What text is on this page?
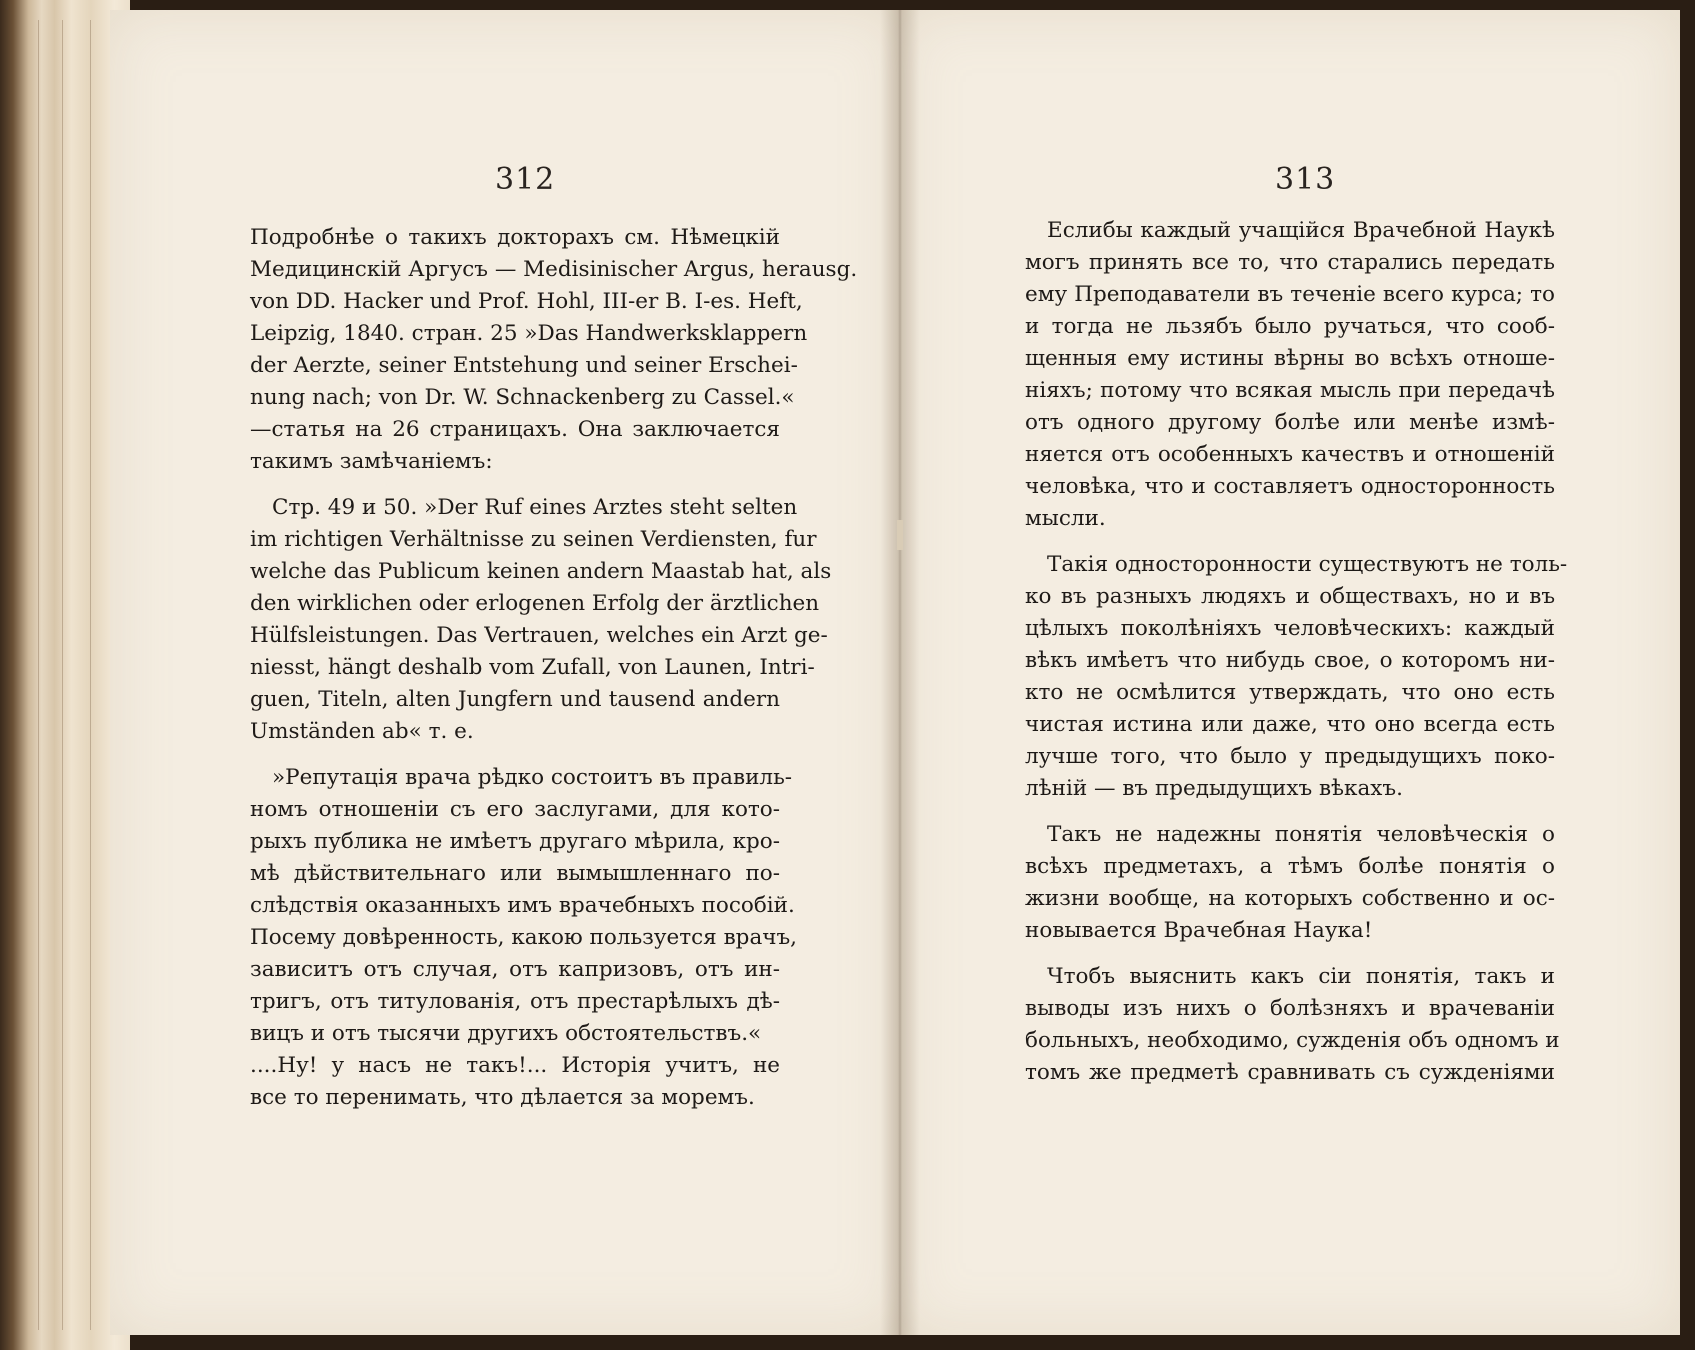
312
Подробнѣе о такихъ докторахъ см. Нѣмецкій
Медицинскій Аргусъ — Medisinischer Argus, herausg.
von DD. Hacker und Prof. Hohl, III-er B. I-es. Heft,
Leipzig, 1840. стран. 25 »Das Handwerksklappern
der Aerzte, seiner Entstehung und seiner Erschei-
nung nach; von Dr. W. Schnackenberg zu Cassel.«
—статья на 26 страницахъ. Она заключается
такимъ замѣчаніемъ:
Стр. 49 и 50. »Der Ruf eines Arztes steht selten
im richtigen Verhältnisse zu seinen Verdiensten, fur
welche das Publicum keinen andern Maastab hat, als
den wirklichen oder erlogenen Erfolg der ärztlichen
Hülfsleistungen. Das Vertrauen, welches ein Arzt ge-
niesst, hängt deshalb vom Zufall, von Launen, Intri-
guen, Titeln, alten Jungfern und tausend andern
Umständen ab« т. е.
»Репутація врача рѣдко состоитъ въ правиль-
номъ отношеніи съ его заслугами, для кото-
рыхъ публика не имѣетъ другаго мѣрила, кро-
мѣ дѣйствительнаго или вымышленнаго по-
слѣдствія оказанныхъ имъ врачебныхъ пособій.
Посему довѣренность, какою пользуется врачъ,
зависитъ отъ случая, отъ капризовъ, отъ ин-
тригъ, отъ титулованія, отъ престарѣлыхъ дѣ-
вицъ и отъ тысячи другихъ обстоятельствъ.«
....Ну! у насъ не такъ!... Исторія учитъ, не
все то перенимать, что дѣлается за моремъ.
313
Еслибы каждый учащійся Врачебной Наукѣ
могъ принять все то, что старались передать
ему Преподаватели въ теченіе всего курса; то
и тогда не льзябъ было ручаться, что сооб-
щенныя ему истины вѣрны во всѣхъ отноше-
ніяхъ; потому что всякая мысль при передачѣ
отъ одного другому болѣе или менѣе измѣ-
няется отъ особенныхъ качествъ и отношеній
человѣка, что и составляетъ односторонность
мысли.
Такія односторонности существуютъ не толь-
ко въ разныхъ людяхъ и обществахъ, но и въ
цѣлыхъ поколѣніяхъ человѣческихъ: каждый
вѣкъ имѣетъ что нибудь свое, о которомъ ни-
кто не осмѣлится утверждать, что оно есть
чистая истина или даже, что оно всегда есть
лучше того, что было у предыдущихъ поко-
лѣній — въ предыдущихъ вѣкахъ.
Такъ не надежны понятія человѣческія о
всѣхъ предметахъ, а тѣмъ болѣе понятія о
жизни вообще, на которыхъ собственно и ос-
новывается Врачебная Наука!
Чтобъ выяснить какъ сіи понятія, такъ и
выводы изъ нихъ о болѣзняхъ и врачеваніи
больныхъ, необходимо, сужденія объ одномъ и
томъ же предметѣ сравнивать съ сужденіями
